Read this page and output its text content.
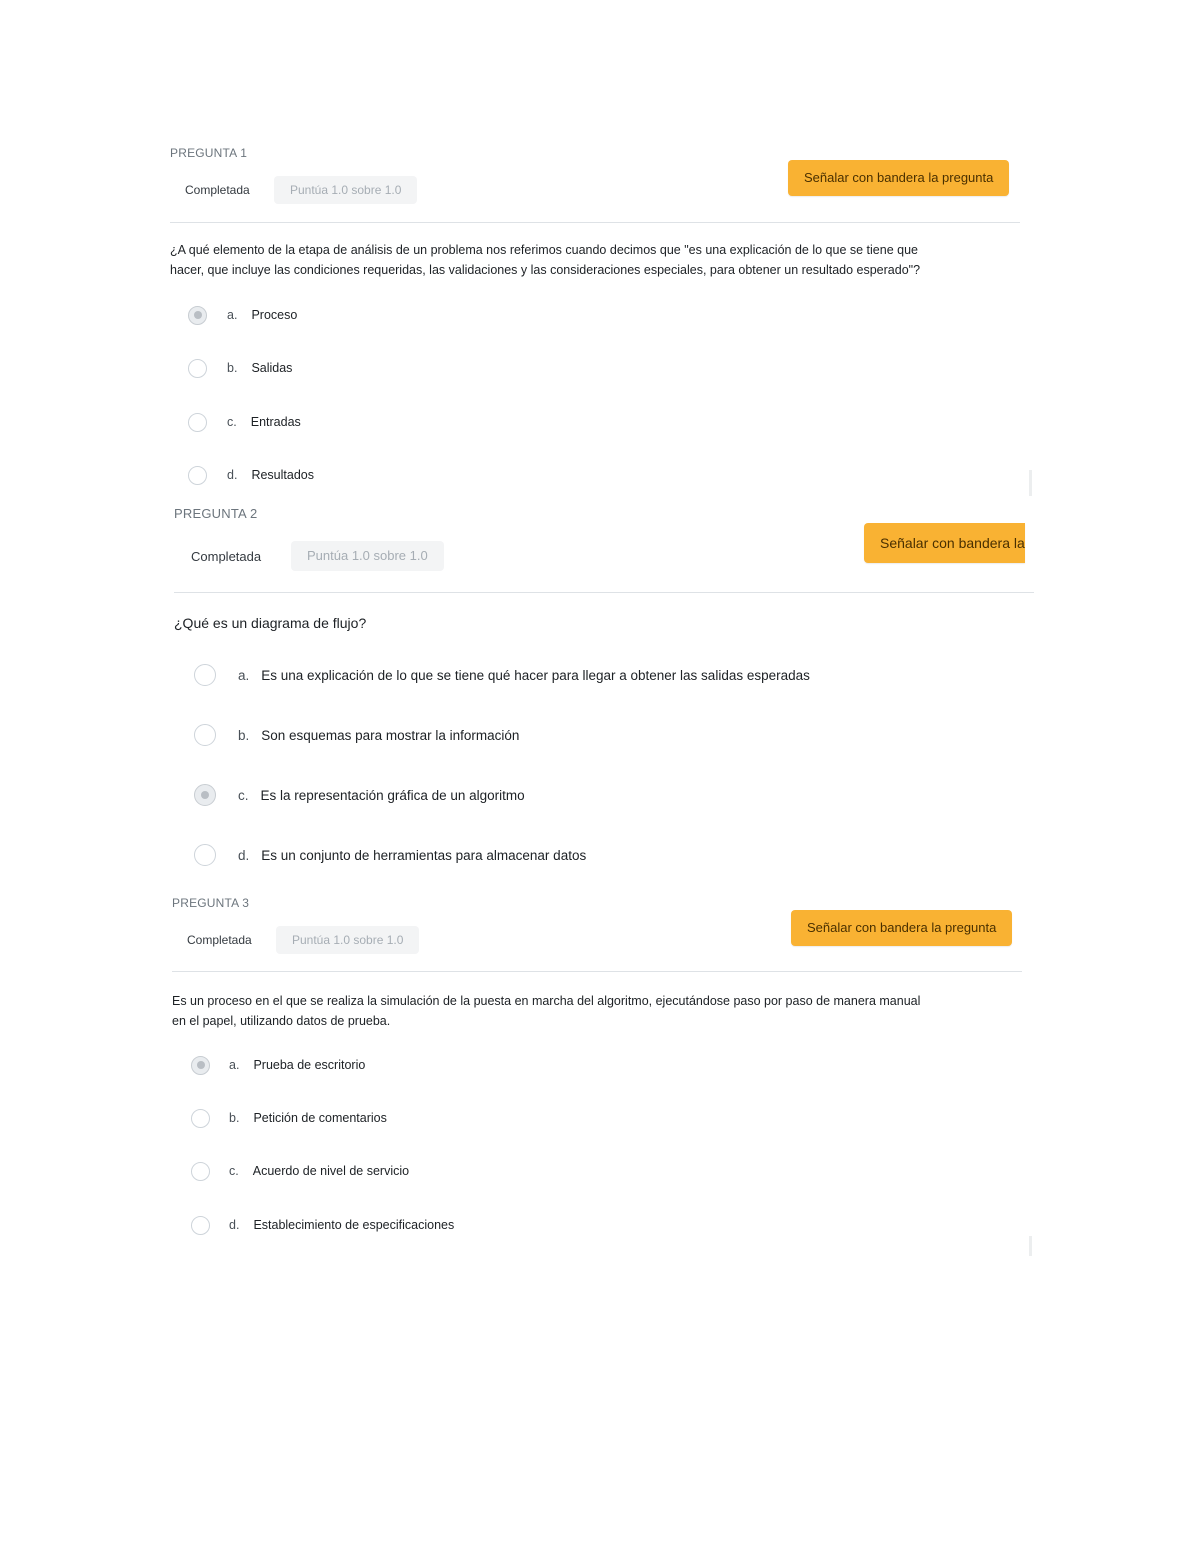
PREGUNTA 1
Completada	Puntúa 1.0 sobre 1.0
Señalar con bandera la pregunta
¿A qué elemento de la etapa de análisis de un problema nos referimos cuando decimos que "es una explicación de lo que se tiene que
hacer, que incluye las condiciones requeridas, las validaciones y las consideraciones especiales, para obtener un resultado esperado"?
a. Proceso
b. Salidas
c. Entradas
d. Resultados
PREGUNTA 2
Completada	Puntúa 1.0 sobre 1.0
Señalar con bandera la
¿Qué es un diagrama de flujo?
a. Es una explicación de lo que se tiene qué hacer para llegar a obtener las salidas esperadas
b. Son esquemas para mostrar la información
c. Es la representación gráfica de un algoritmo
d. Es un conjunto de herramientas para almacenar datos
PREGUNTA 3
Completada	Puntúa 1.0 sobre 1.0
Señalar con bandera la pregunta
Es un proceso en el que se realiza la simulación de la puesta en marcha del algoritmo, ejecutándose paso por paso de manera manual
en el papel, utilizando datos de prueba.
a. Prueba de escritorio
b. Petición de comentarios
c. Acuerdo de nivel de servicio
d. Establecimiento de especificaciones
